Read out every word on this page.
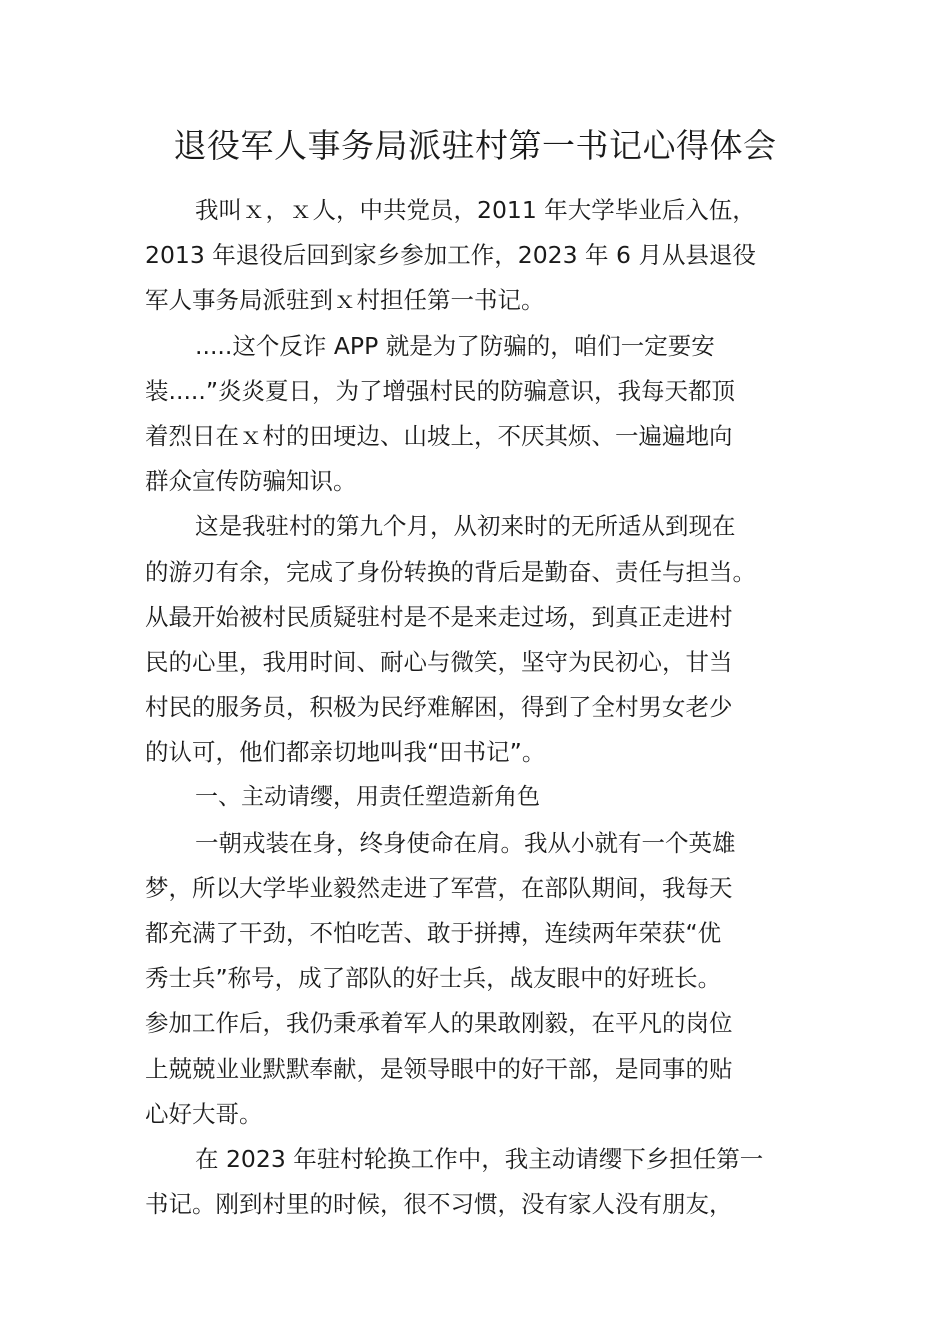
退役军人事务局派驻村第一书记心得体会
我叫ｘ，ｘ人，中共党员，2011 年大学毕业后入伍，
2013 年退役后回到家乡参加工作，2023 年 6 月从县退役
军人事务局派驻到ｘ村担任第一书记。
.....这个反诈 APP 就是为了防骗的，咱们一定要安
装.....”炎炎夏日，为了增强村民的防骗意识，我每天都顶
着烈日在ｘ村的田埂边、山坡上，不厌其烦、一遍遍地向
群众宣传防骗知识。
这是我驻村的第九个月，从初来时的无所适从到现在
的游刃有余，完成了身份转换的背后是勤奋、责任与担当。
从最开始被村民质疑驻村是不是来走过场，到真正走进村
民的心里，我用时间、耐心与微笑，坚守为民初心，甘当
村民的服务员，积极为民纾难解困，得到了全村男女老少
的认可，他们都亲切地叫我“田书记”。
一、主动请缨，用责任塑造新角色
一朝戎装在身，终身使命在肩。我从小就有一个英雄
梦，所以大学毕业毅然走进了军营，在部队期间，我每天
都充满了干劲，不怕吃苦、敢于拼搏，连续两年荣获“优
秀士兵”称号，成了部队的好士兵，战友眼中的好班长。
参加工作后，我仍秉承着军人的果敢刚毅，在平凡的岗位
上兢兢业业默默奉献，是领导眼中的好干部，是同事的贴
心好大哥。
在 2023 年驻村轮换工作中，我主动请缨下乡担任第一
书记。刚到村里的时候，很不习惯，没有家人没有朋友，
